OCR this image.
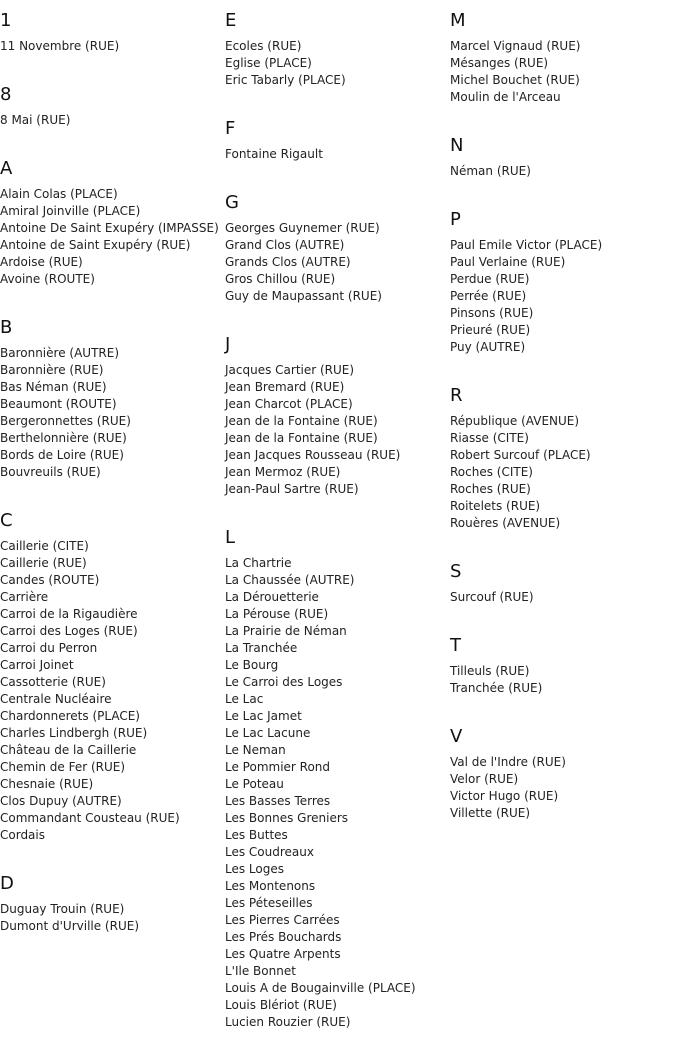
1
11 Novembre (RUE)
8
8 Mai (RUE)
A
Alain Colas (PLACE)
Amiral Joinville (PLACE)
Antoine De Saint Exupéry (IMPASSE)
Antoine de Saint Exupéry (RUE)
Ardoise (RUE)
Avoine (ROUTE)
B
Baronnière (AUTRE)
Baronnière (RUE)
Bas Néman (RUE)
Beaumont (ROUTE)
Bergeronnettes (RUE)
Berthelonnière (RUE)
Bords de Loire (RUE)
Bouvreuils (RUE)
C
Caillerie (CITE)
Caillerie (RUE)
Candes (ROUTE)
Carrière
Carroi de la Rigaudière
Carroi des Loges (RUE)
Carroi du Perron
Carroi Joinet
Cassotterie (RUE)
Centrale Nucléaire
Chardonnerets (PLACE)
Charles Lindbergh (RUE)
Château de la Caillerie
Chemin de Fer (RUE)
Chesnaie (RUE)
Clos Dupuy (AUTRE)
Commandant Cousteau (RUE)
Cordais
D
Duguay Trouin (RUE)
Dumont d'Urville (RUE)
E
Ecoles (RUE)
Eglise (PLACE)
Eric Tabarly (PLACE)
F
Fontaine Rigault
G
Georges Guynemer (RUE)
Grand Clos (AUTRE)
Grands Clos (AUTRE)
Gros Chillou (RUE)
Guy de Maupassant (RUE)
J
Jacques Cartier (RUE)
Jean Bremard (RUE)
Jean Charcot (PLACE)
Jean de la Fontaine (RUE)
Jean de la Fontaine (RUE)
Jean Jacques Rousseau (RUE)
Jean Mermoz (RUE)
Jean-Paul Sartre (RUE)
L
La Chartrie
La Chaussée (AUTRE)
La Dérouetterie
La Pérouse (RUE)
La Prairie de Néman
La Tranchée
Le Bourg
Le Carroi des Loges
Le Lac
Le Lac Jamet
Le Lac Lacune
Le Neman
Le Pommier Rond
Le Poteau
Les Basses Terres
Les Bonnes Greniers
Les Buttes
Les Coudreaux
Les Loges
Les Montenons
Les Péteseilles
Les Pierres Carrées
Les Prés Bouchards
Les Quatre Arpents
L'Ile Bonnet
Louis A de Bougainville (PLACE)
Louis Blériot (RUE)
Lucien Rouzier (RUE)
M
Marcel Vignaud (RUE)
Mésanges (RUE)
Michel Bouchet (RUE)
Moulin de l'Arceau
N
Néman (RUE)
P
Paul Emile Victor (PLACE)
Paul Verlaine (RUE)
Perdue (RUE)
Perrée (RUE)
Pinsons (RUE)
Prieuré (RUE)
Puy (AUTRE)
R
République (AVENUE)
Riasse (CITE)
Robert Surcouf (PLACE)
Roches (CITE)
Roches (RUE)
Roitelets (RUE)
Rouères (AVENUE)
S
Surcouf (RUE)
T
Tilleuls (RUE)
Tranchée (RUE)
V
Val de l'Indre (RUE)
Velor (RUE)
Victor Hugo (RUE)
Villette (RUE)
